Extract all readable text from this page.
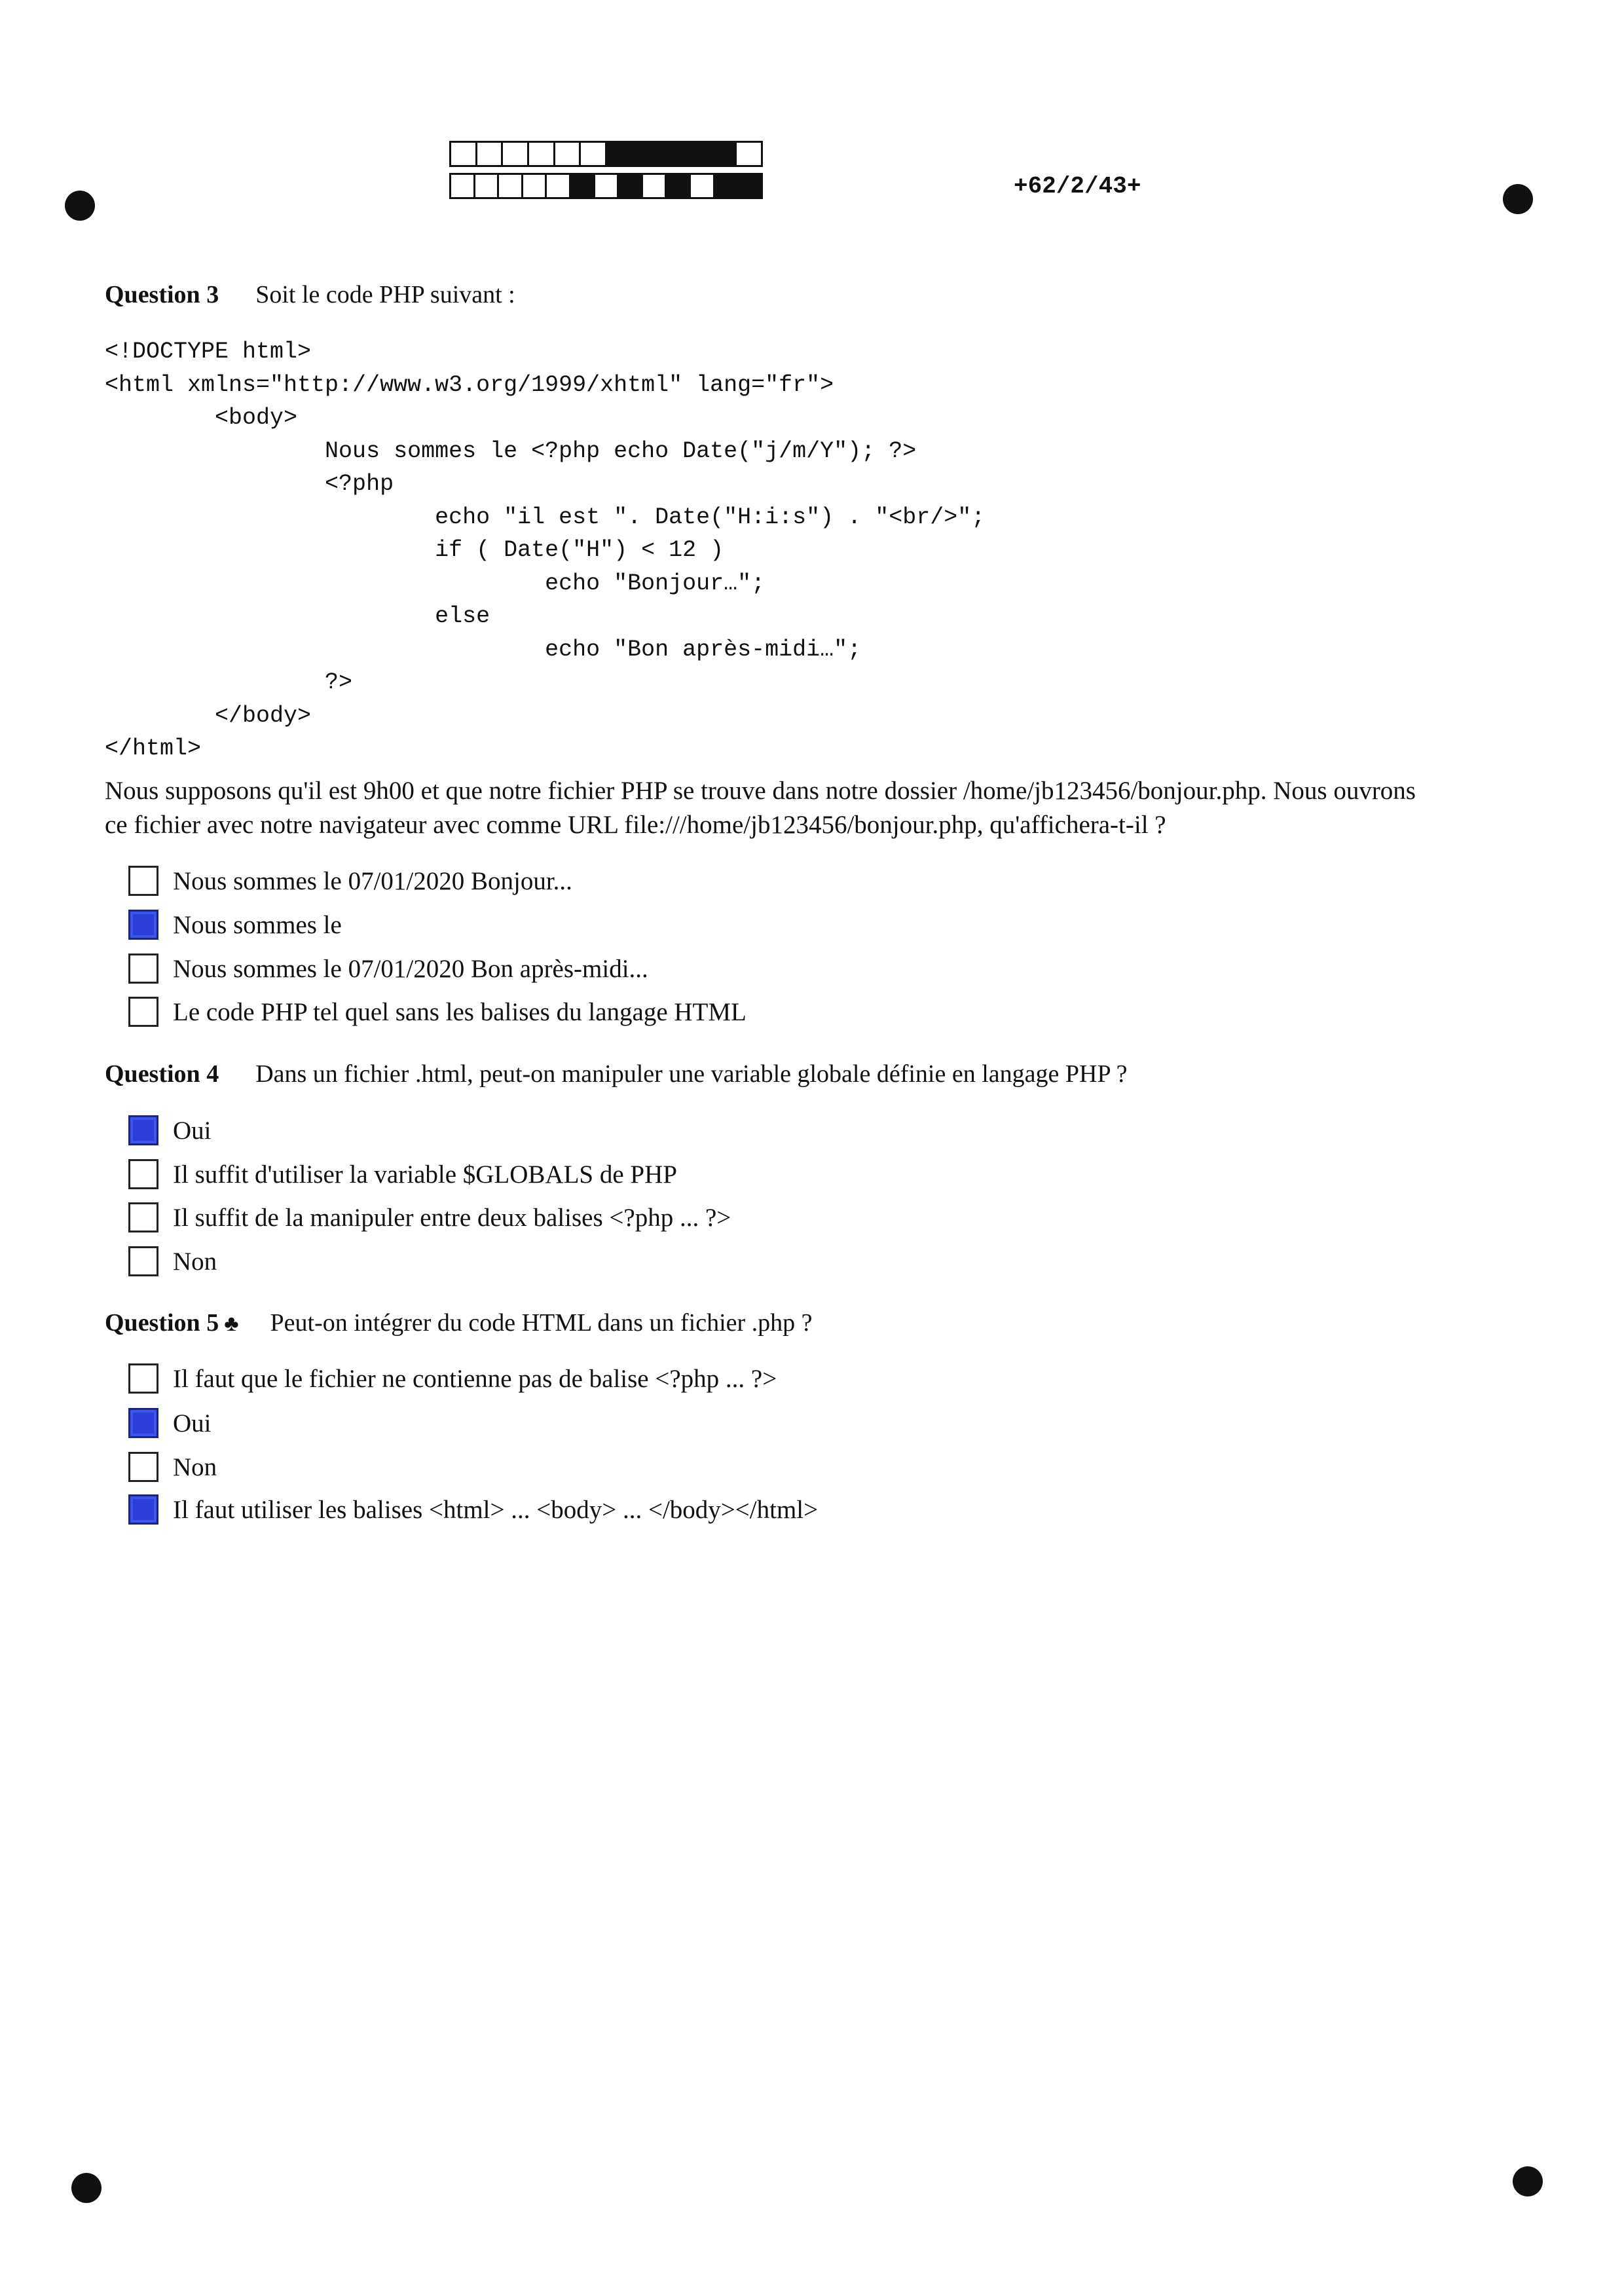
+62/2/43+
Question 3 Soit le code PHP suivant :
<!DOCTYPE html>
<html xmlns="http://www.w3.org/1999/xhtml" lang="fr">
<body>
Nous sommes le <?php echo Date("j/m/Y"); ?>
<?php
echo "il est ". Date("H:i:s") . "<br/>";
if ( Date("H") < 12 )
echo "Bonjour…";
else
echo "Bon après-midi…";
?>
</body>
</html>
Nous supposons qu'il est 9h00 et que notre fichier PHP se trouve dans notre dossier /home/jb123456/bonjour.php. Nous ouvrons
ce fichier avec notre navigateur avec comme URL file:///home/jb123456/bonjour.php, qu'affichera-t-il ?
Nous sommes le 07/01/2020 Bonjour...
Nous sommes le
Nous sommes le 07/01/2020 Bon après-midi...
Le code PHP tel quel sans les balises du langage HTML
Question 4 Dans un fichier .html, peut-on manipuler une variable globale définie en langage PHP ?
Oui
Il suffit d'utiliser la variable $GLOBALS de PHP
Il suffit de la manipuler entre deux balises <?php ... ?>
Non
Question 5 ♣ Peut-on intégrer du code HTML dans un fichier .php ?
Il faut que le fichier ne contienne pas de balise <?php ... ?>
Oui
Non
Il faut utiliser les balises <html> ... <body> ... </body></html>
